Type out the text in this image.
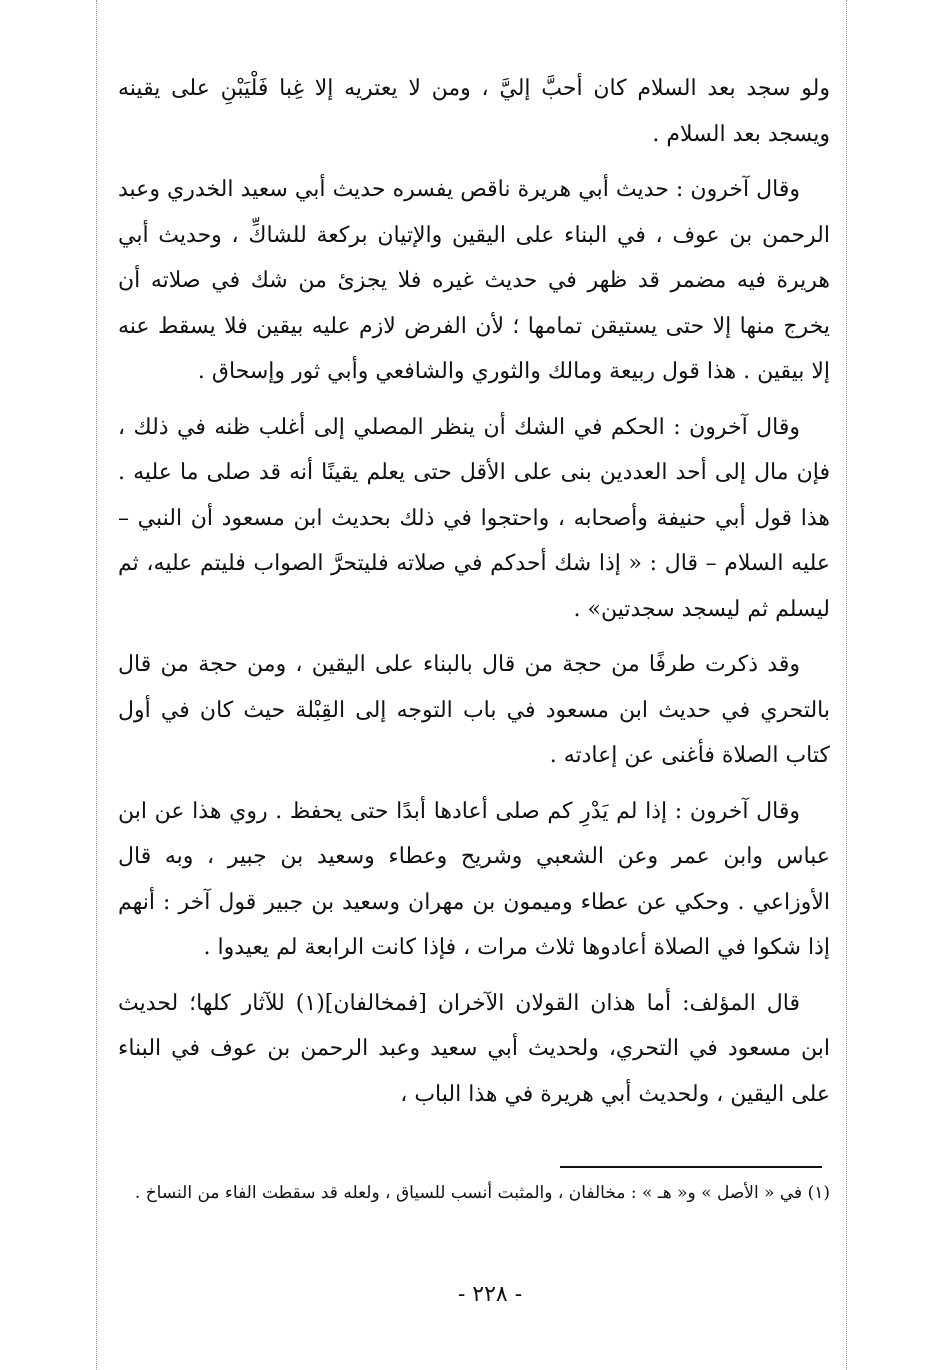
ولو سجد بعد السلام كان أحبَّ إليَّ ، ومن لا يعتريه إلا غِبا فَلْيَبْنِ على يقينه ويسجد بعد السلام .

وقال آخرون : حديث أبي هريرة ناقص يفسره حديث أبي سعيد الخدري وعبد الرحمن بن عوف ، في البناء على اليقين والإتيان بركعة للشاكِّ ، وحديث أبي هريرة فيه مضمر قد ظهر في حديث غيره فلا يجزئ من شك في صلاته أن يخرج منها إلا حتى يستيقن تمامها ؛ لأن الفرض لازم عليه بيقين فلا يسقط عنه إلا بيقين . هذا قول ربيعة ومالك والثوري والشافعي وأبي ثور وإسحاق .

وقال آخرون : الحكم في الشك أن ينظر المصلي إلى أغلب ظنه في ذلك ، فإن مال إلى أحد العددين بنى على الأقل حتى يعلم يقينًا أنه قد صلى ما عليه . هذا قول أبي حنيفة وأصحابه ، واحتجوا في ذلك بحديث ابن مسعود أن النبي – عليه السلام – قال : « إذا شك أحدكم في صلاته فليتحرَّ الصواب فليتم عليه، ثم ليسلم ثم ليسجد سجدتين» .

وقد ذكرت طرفًا من حجة من قال بالبناء على اليقين ، ومن حجة من قال بالتحري في حديث ابن مسعود في باب التوجه إلى القِبْلة حيث كان في أول كتاب الصلاة فأغنى عن إعادته .

وقال آخرون : إذا لم يَدْرِ كم صلى أعادها أبدًا حتى يحفظ . روي هذا عن ابن عباس وابن عمر وعن الشعبي وشريح وعطاء وسعيد بن جبير ، وبه قال الأوزاعي . وحكي عن عطاء وميمون بن مهران وسعيد بن جبير قول آخر : أنهم إذا شكوا في الصلاة أعادوها ثلاث مرات ، فإذا كانت الرابعة لم يعيدوا .

قال المؤلف: أما هذان القولان الآخران [فمخالفان](١) للآثار كلها؛ لحديث ابن مسعود في التحري، ولحديث أبي سعيد وعبد الرحمن بن عوف في البناء على اليقين ، ولحديث أبي هريرة في هذا الباب ،

(١) في « الأصل » و« هـ » : مخالفان ، والمثبت أنسب للسياق ، ولعله قد سقطت الفاء من النساخ .

- ٢٢٨ -
